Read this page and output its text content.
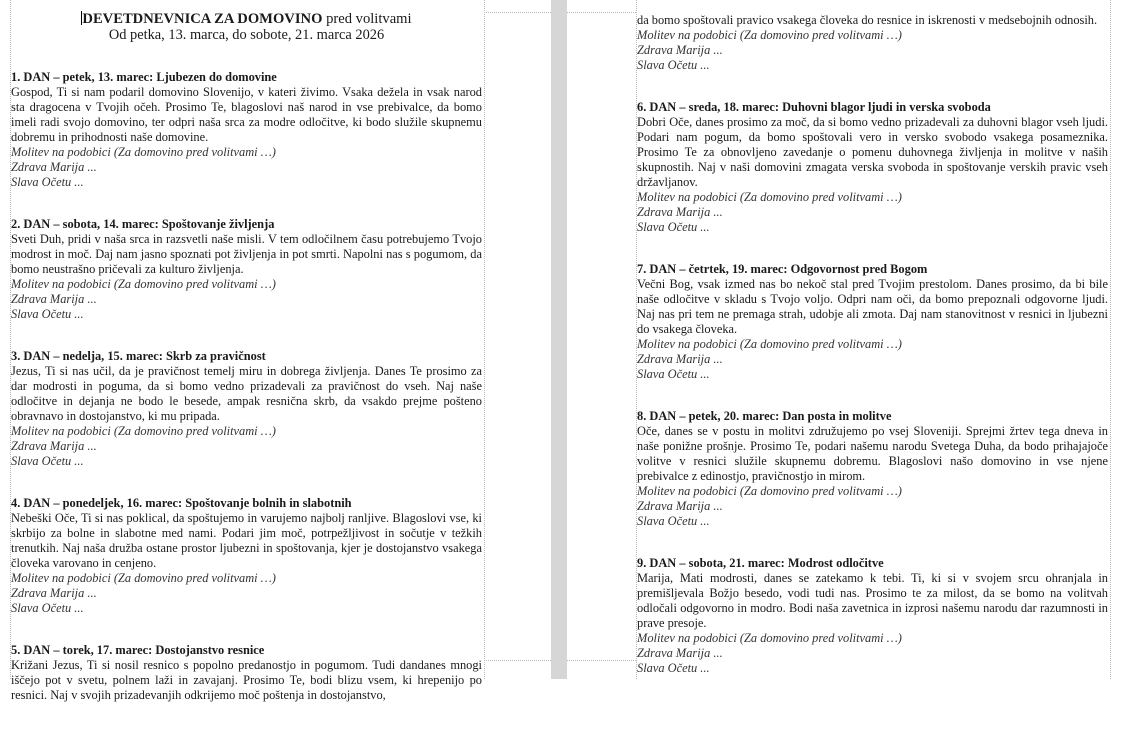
DEVETDNEVNICA ZA DOMOVINO pred volitvami
Od petka, 13. marca, do sobote, 21. marca 2026
1. DAN – petek, 13. marec: Ljubezen do domovine
Gospod, Ti si nam podaril domovino Slovenijo, v kateri živimo. Vsaka dežela in vsak narod sta dragocena v Tvojih očeh. Prosimo Te, blagoslovi naš narod in vse prebivalce, da bomo imeli radi svojo domovino, ter odpri naša srca za modre odločitve, ki bodo služile skupnemu dobremu in prihodnosti naše domovine.
Molitev na podobici (Za domovino pred volitvami …)
Zdrava Marija ...
Slava Očetu ...
2. DAN – sobota, 14. marec: Spoštovanje življenja
Sveti Duh, pridi v naša srca in razsvetli naše misli. V tem odločilnem času potrebujemo Tvojo modrost in moč. Daj nam jasno spoznati pot življenja in pot smrti. Napolni nas s pogumom, da bomo neustrašno pričevali za kulturo življenja.
Molitev na podobici (Za domovino pred volitvami …)
Zdrava Marija ...
Slava Očetu ...
3. DAN – nedelja, 15. marec: Skrb za pravičnost
Jezus, Ti si nas učil, da je pravičnost temelj miru in dobrega življenja. Danes Te prosimo za dar modrosti in poguma, da si bomo vedno prizadevali za pravičnost do vseh. Naj naše odločitve in dejanja ne bodo le besede, ampak resnična skrb, da vsakdo prejme pošteno obravnavo in dostojanstvo, ki mu pripada.
Molitev na podobici (Za domovino pred volitvami …)
Zdrava Marija ...
Slava Očetu ...
4. DAN – ponedeljek, 16. marec: Spoštovanje bolnih in slabotnih
Nebeški Oče, Ti si nas poklical, da spoštujemo in varujemo najbolj ranljive. Blagoslovi vse, ki skrbijo za bolne in slabotne med nami. Podari jim moč, potrpežljivost in sočutje v težkih trenutkih. Naj naša družba ostane prostor ljubezni in spoštovanja, kjer je dostojanstvo vsakega človeka varovano in cenjeno.
Molitev na podobici (Za domovino pred volitvami …)
Zdrava Marija ...
Slava Očetu ...
5. DAN – torek, 17. marec: Dostojanstvo resnice
Križani Jezus, Ti si nosil resnico s popolno predanostjo in pogumom. Tudi dandanes mnogi iščejo pot v svetu, polnem laži in zavajanj. Prosimo Te, bodi blizu vsem, ki hrepenijo po resnici. Naj v svojih prizadevanjih odkrijemo moč poštenja in dostojanstvo,
da bomo spoštovali pravico vsakega človeka do resnice in iskrenosti v medsebojnih odnosih.
Molitev na podobici (Za domovino pred volitvami …)
Zdrava Marija ...
Slava Očetu ...
6. DAN – sreda, 18. marec: Duhovni blagor ljudi in verska svoboda
Dobri Oče, danes prosimo za moč, da si bomo vedno prizadevali za duhovni blagor vseh ljudi. Podari nam pogum, da bomo spoštovali vero in versko svobodo vsakega posameznika. Prosimo Te za obnovljeno zavedanje o pomenu duhovnega življenja in molitve v naših skupnostih. Naj v naši domovini zmagata verska svoboda in spoštovanje verskih pravic vseh državljanov.
Molitev na podobici (Za domovino pred volitvami …)
Zdrava Marija ...
Slava Očetu ...
7. DAN – četrtek, 19. marec: Odgovornost pred Bogom
Večni Bog, vsak izmed nas bo nekoč stal pred Tvojim prestolom. Danes prosimo, da bi bile naše odločitve v skladu s Tvojo voljo. Odpri nam oči, da bomo prepoznali odgovorne ljudi. Naj nas pri tem ne premaga strah, udobje ali zmota. Daj nam stanovitnost v resnici in ljubezni do vsakega človeka.
Molitev na podobici (Za domovino pred volitvami …)
Zdrava Marija ...
Slava Očetu ...
8. DAN – petek, 20. marec: Dan posta in molitve
Oče, danes se v postu in molitvi združujemo po vsej Sloveniji. Sprejmi žrtev tega dneva in naše ponižne prošnje. Prosimo Te, podari našemu narodu Svetega Duha, da bodo prihajajoče volitve v resnici služile skupnemu dobremu. Blagoslovi našo domovino in vse njene prebivalce z edinostjo, pravičnostjo in mirom.
Molitev na podobici (Za domovino pred volitvami …)
Zdrava Marija ...
Slava Očetu ...
9. DAN – sobota, 21. marec: Modrost odločitve
Marija, Mati modrosti, danes se zatekamo k tebi. Ti, ki si v svojem srcu ohranjala in premišljevala Božjo besedo, vodi tudi nas. Prosimo te za milost, da se bomo na volitvah odločali odgovorno in modro. Bodi naša zavetnica in izprosi našemu narodu dar razumnosti in prave presoje.
Molitev na podobici (Za domovino pred volitvami …)
Zdrava Marija ...
Slava Očetu ...
